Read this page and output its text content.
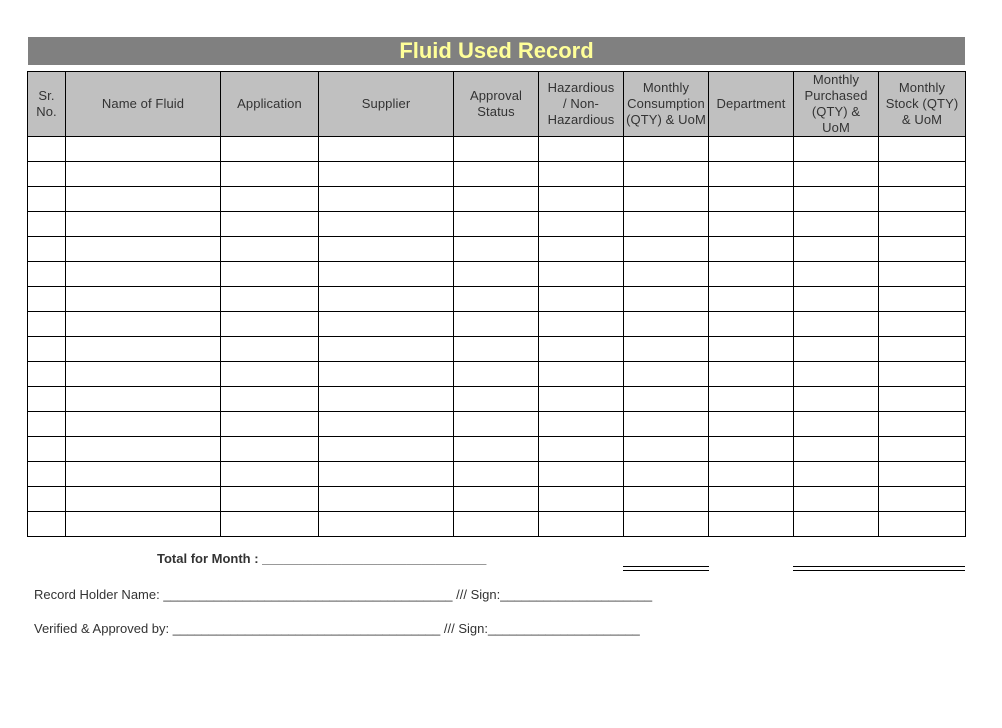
Fluid Used Record
Sr. No.	Name of Fluid	Application	Supplier	Approval Status	Hazardious / Non-Hazardious	Monthly Consumption (QTY) & UoM	Department	Monthly Purchased (QTY) & UoM	Monthly Stock (QTY) & UoM

Total for Month : _______________________________
Record Holder Name: ________________________________________ /// Sign:_____________________
Verified & Approved by: _____________________________________ /// Sign:_____________________
